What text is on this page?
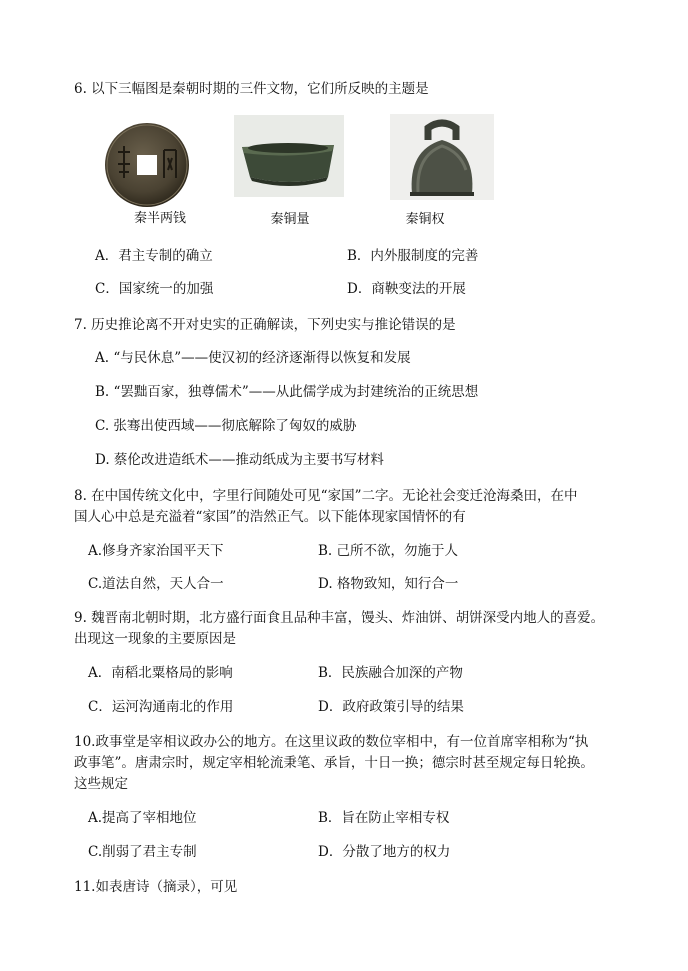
6. 以下三幅图是秦朝时期的三件文物，它们所反映的主题是
秦半两钱	秦铜量	秦铜权
A．君主专制的确立	B．内外服制度的完善
C．国家统一的加强	D．商鞅变法的开展
7. 历史推论离不开对史实的正确解读，下列史实与推论错误的是
A. “与民休息”——使汉初的经济逐渐得以恢复和发展
B. “罢黜百家，独尊儒术”——从此儒学成为封建统治的正统思想
C. 张骞出使西域——彻底解除了匈奴的威胁
D. 蔡伦改进造纸术——推动纸成为主要书写材料
8. 在中国传统文化中，字里行间随处可见“家国”二字。无论社会变迁沧海桑田，在中
国人心中总是充溢着“家国”的浩然正气。以下能体现家国情怀的有
A.修身齐家治国平天下	B. 己所不欲，勿施于人
C.道法自然，天人合一	D. 格物致知，知行合一
9. 魏晋南北朝时期，北方盛行面食且品种丰富，馒头、炸油饼、胡饼深受内地人的喜爱。
出现这一现象的主要原因是
A．南稻北粟格局的影响	B．民族融合加深的产物
C．运河沟通南北的作用	D．政府政策引导的结果
10.政事堂是宰相议政办公的地方。在这里议政的数位宰相中，有一位首席宰相称为“执
政事笔”。唐肃宗时，规定宰相轮流秉笔、承旨，十日一换；德宗时甚至规定每日轮换。
这些规定
A.提高了宰相地位	B．旨在防止宰相专权
C.削弱了君主专制	D．分散了地方的权力
11.如表唐诗（摘录），可见
